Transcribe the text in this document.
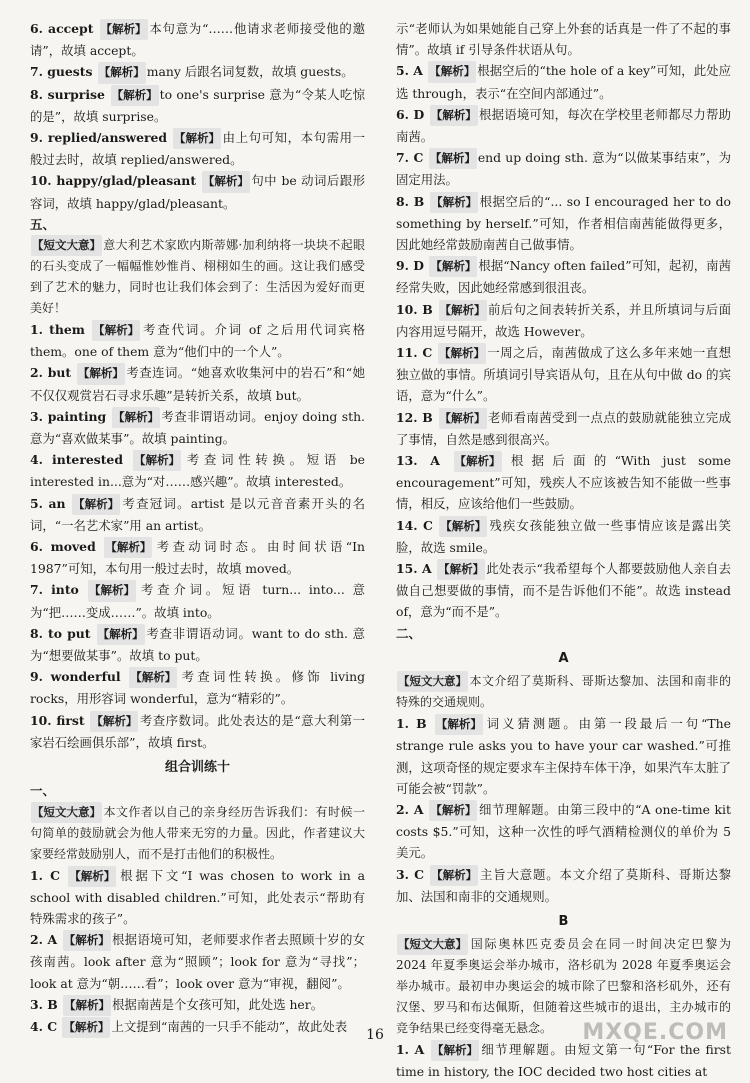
6. accept 【解析】 本句意为“……他请求老师接受他的邀请”，故填 accept。

7. guests 【解析】 many 后跟名词复数，故填 guests。

8. surprise 【解析】 to one's surprise 意为“令某人吃惊的是”，故填 surprise。

9. replied/answered 【解析】 由上句可知，本句需用一般过去时，故填 replied/answered。

10. happy/glad/pleasant 【解析】 句中 be 动词后跟形容词，故填 happy/glad/pleasant。

五、

【短文大意】 意大利艺术家欧内斯蒂娜·加利纳将一块块不起眼的石头变成了一幅幅惟妙惟肖、栩栩如生的画。这让我们感受到了艺术的魅力，同时也让我们体会到了：生活因为爱好而更美好！

1. them 【解析】 考查代词。介词 of 之后用代词宾格 them。one of them 意为“他们中的一个人”。

2. but 【解析】 考查连词。“她喜欢收集河中的岩石”和“她不仅仅观赏岩石寻求乐趣”是转折关系，故填 but。

3. painting 【解析】 考查非谓语动词。enjoy doing sth. 意为“喜欢做某事”。故填 painting。

4. interested 【解析】 考查词性转换。短语 be interested in...意为“对……感兴趣”。故填 interested。

5. an 【解析】 考查冠词。artist 是以元音音素开头的名词，“一名艺术家”用 an artist。

6. moved 【解析】 考查动词时态。由时间状语“In 1987”可知，本句用一般过去时，故填 moved。

7. into 【解析】 考查介词。短语 turn... into... 意为“把……变成……”。故填 into。

8. to put 【解析】 考查非谓语动词。want to do sth. 意为“想要做某事”。故填 to put。

9. wonderful 【解析】 考查词性转换。修饰 living rocks，用形容词 wonderful，意为“精彩的”。

10. first 【解析】 考查序数词。此处表达的是“意大利第一家岩石绘画俱乐部”，故填 first。

组合训练十
一、

【短文大意】 本文作者以自己的亲身经历告诉我们：有时候一句简单的鼓励就会为他人带来无穷的力量。因此，作者建议大家要经常鼓励别人，而不是打击他们的积极性。

1. C 【解析】 根据下文“I was chosen to work in a school with disabled children.”可知，此处表示“帮助有特殊需求的孩子”。

2. A 【解析】 根据语境可知，老师要求作者去照顾十岁的女孩南茜。look after 意为“照顾”；look for 意为“寻找”；look at 意为“朝……看”；look over 意为“审视，翻阅”。

3. B 【解析】 根据南茜是个女孩可知，此处选 her。

4. C 【解析】 上文提到“南茜的一只手不能动”，故此处表

示“老师认为如果她能自己穿上外套的话真是一件了不起的事情”。故填 if 引导条件状语从句。

5. A 【解析】 根据空后的“the hole of a key”可知，此处应选 through，表示“在空间内部通过”。

6. D 【解析】 根据语境可知，每次在学校里老师都尽力帮助南茜。

7. C 【解析】 end up doing sth. 意为“以做某事结束”，为固定用法。

8. B 【解析】 根据空后的“... so I encouraged her to do something by herself.”可知，作者相信南茜能做得更多，因此她经常鼓励南茜自己做事情。

9. D 【解析】 根据“Nancy often failed”可知，起初，南茜经常失败，因此她经常感到很沮丧。

10. B 【解析】 前后句之间表转折关系，并且所填词与后面内容用逗号隔开，故选 However。

11. C 【解析】 一周之后，南茜做成了这么多年来她一直想独立做的事情。所填词引导宾语从句，且在从句中做 do 的宾语，意为“什么”。

12. B 【解析】 老师看南茜受到一点点的鼓励就能独立完成了事情，自然是感到很高兴。

13. A 【解析】 根据后面的“With just some encouragement”可知，残疾人不应该被告知不能做一些事情，相反，应该给他们一些鼓励。

14. C 【解析】 残疾女孩能独立做一些事情应该是露出笑脸，故选 smile。

15. A 【解析】 此处表示“我希望每个人都要鼓励他人亲自去做自己想要做的事情，而不是告诉他们不能”。故选 instead of，意为“而不是”。

二、
A

【短文大意】 本文介绍了莫斯科、哥斯达黎加、法国和南非的特殊的交通规则。

1. B 【解析】 词义猜测题。由第一段最后一句“The strange rule asks you to have your car washed.”可推测，这项奇怪的规定要求车主保持车体干净，如果汽车太脏了可能会被“罚款”。

2. A 【解析】 细节理解题。由第三段中的“A one-time kit costs $5.”可知，这种一次性的呼气酒精检测仪的单价为 5 美元。

3. C 【解析】 主旨大意题。本文介绍了莫斯科、哥斯达黎加、法国和南非的交通规则。

B

【短文大意】 国际奥林匹克委员会在同一时间决定巴黎为 2024 年夏季奥运会举办城市，洛杉矶为 2028 年夏季奥运会举办城市。最初申办奥运会的城市除了巴黎和洛杉矶外，还有汉堡、罗马和布达佩斯，但随着这些城市的退出，主办城市的竞争结果已经变得毫无悬念。

1. A 【解析】 细节理解题。由短文第一句“For the first time in history, the IOC decided two host cities at

16	MXQE.COM
